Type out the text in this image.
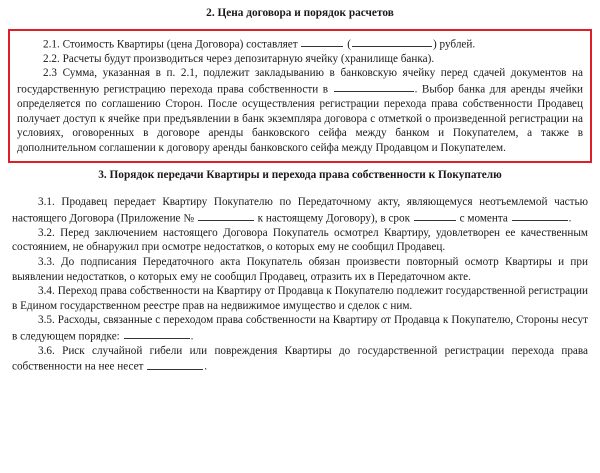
2. Цена договора и порядок расчетов

2.1. Стоимость Квартиры (цена Договора) составляет	(	) рублей.

2.2. Расчеты будут производиться через депозитарную ячейку (хранилище банка).

2.3 Сумма, указанная в п. 2.1, подлежит закладыванию в банковскую ячейку перед сдачей документов на государственную регистрацию перехода права собственности в	. Выбор банка для аренды ячейки определяется по соглашению Сторон. После осуществления регистрации перехода права собственности Продавец получает доступ к ячейке при предъявлении в банк экземпляра договора с отметкой о произведенной регистрации на условиях, оговоренных в договоре аренды банковского сейфа между банком и Покупателем, а также в дополнительном соглашении к договору аренды банковского сейфа между Продавцом и Покупателем.

3. Порядок передачи Квартиры и перехода права собственности к Покупателю

3.1. Продавец передает Квартиру Покупателю по Передаточному акту, являющемуся неотъемлемой частью настоящего Договора (Приложение №	к настоящему Договору), в срок	с момента	.

3.2. Перед заключением настоящего Договора Покупатель осмотрел Квартиру, удовлетворен ее качественным состоянием, не обнаружил при осмотре недостатков, о которых ему не сообщил Продавец.

3.3. До подписания Передаточного акта Покупатель обязан произвести повторный осмотр Квартиры и при выявлении недостатков, о которых ему не сообщил Продавец, отразить их в Передаточном акте.

3.4. Переход права собственности на Квартиру от Продавца к Покупателю подлежит государственной регистрации в Едином государственном реестре прав на недвижимое имущество и сделок с ним.

3.5. Расходы, связанные с переходом права собственности на Квартиру от Продавца к Покупателю, Стороны несут в следующем порядке:	.

3.6. Риск случайной гибели или повреждения Квартиры до государственной регистрации перехода права собственности на нее несет	.
